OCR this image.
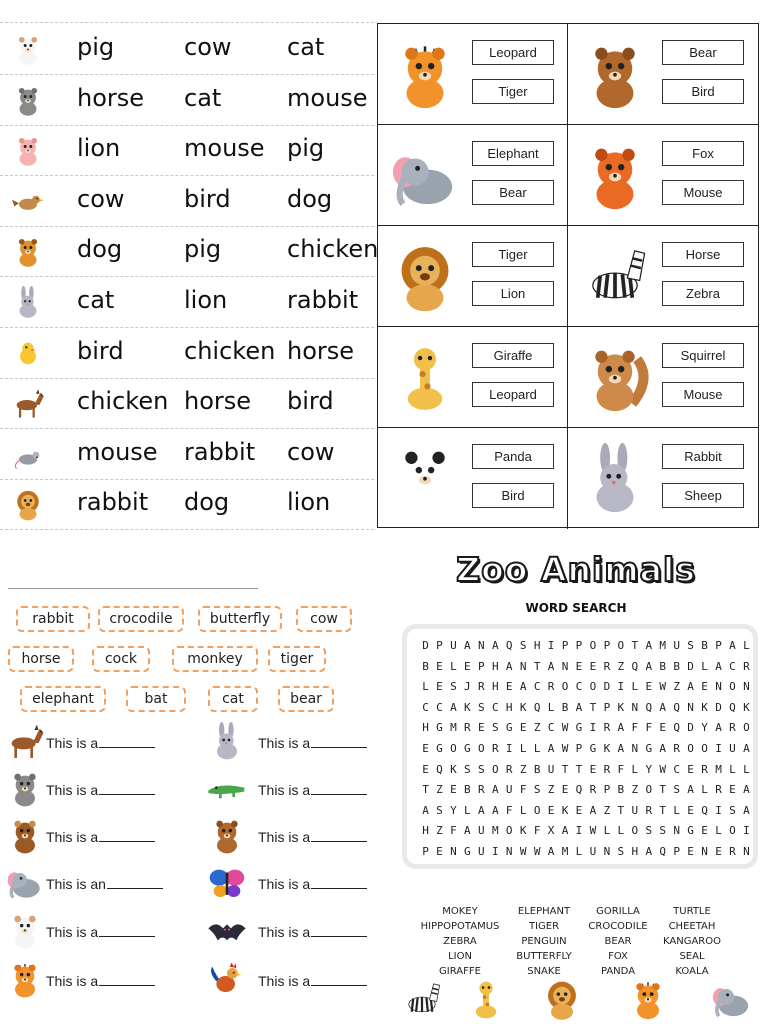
pig	cow cat
horse cat	mouse
lion	mouse pig
cow bird dog
dog	pig	chicken
cat	lion rabbit
bird	chicken horse
chicken horse bird
mouse rabbit cow
rabbit dog lion
Leopard
Tiger
Bear
Bird
Elephant
Bear
Fox
Mouse
Tiger
Lion
Horse
Zebra
Giraffe
Leopard
Squirrel
Mouse
Panda
Bird
Rabbit
Sheep
rabbit	crocodile	butterfly	cow
horse	cock	monkey	tiger
elephant	bat	cat	bear
This is a	This is a
This is a	This is a
This is a	This is a
This is an	This is a
This is a	This is a
This is a	This is a
Zoo Animals
WORD SEARCH
D P U A N A Q S H I P P O P O T A M U S B P A L
B E L E P H A N T A N E E R Z Q A B B D L A C R
L E S J R H E A C R O C O D I L E W Z A E N O N
C C A K S C H K Q L B A T P K N Q A Q N K D Q K
H G M R E S G E Z C W G I R A F F E Q D Y A R O
E G O G O R I L L A W P G K A N G A R O O I U A
E Q K S S O R Z B U T T E R F L Y W C E R M L L
T Z E B R A U F S Z E Q R P B Z O T S A L R E A
A S Y L A A F L O E K E A Z T U R T L E Q I S A
H Z F A U M O K F X A I W L L O S S N G E L O I
P E N G U I N W W A M L U N S H A Q P E N E R N
MOKEY
HIPPOPOTAMUS
ZEBRA
LION
GIRAFFE
ELEPHANT
TIGER
PENGUIN
BUTTERFLY
SNAKE
GORILLA
CROCODILE
BEAR
FOX
PANDA
TURTLE
CHEETAH
KANGAROO
SEAL
KOALA
